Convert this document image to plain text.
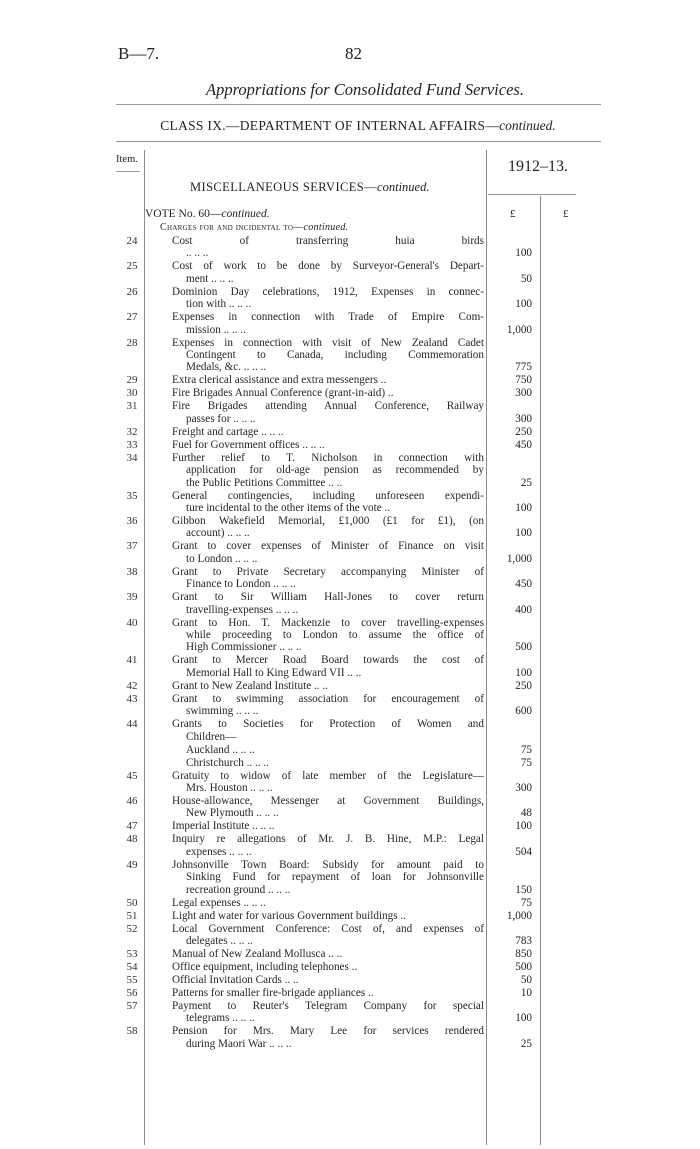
B—7.	82
Appropriations for Consolidated Fund Services.
CLASS IX.—DEPARTMENT OF INTERNAL AFFAIRS—continued.
Item.	1912–13.
£	£
MISCELLANEOUS SERVICES—continued.
VOTE No. 60—continued.
Charges for and incidental to—continued.
24	Cost of transferring huia birds
.. .. ..	100
25	Cost of work to be done by Surveyor-General's Depart-
ment .. .. ..	50
26	Dominion Day celebrations, 1912, Expenses in connec-
tion with .. .. ..	100
27	Expenses in connection with Trade of Empire Com-
mission .. .. ..	1,000
28	Expenses in connection with visit of New Zealand Cadet
Contingent to Canada, including Commemoration
Medals, &c. .. .. ..	775
29	Extra clerical assistance and extra messengers ..	750
30	Fire Brigades Annual Conference (grant-in-aid) ..	300
31	Fire Brigades attending Annual Conference, Railway
passes for .. .. ..	300
32	Freight and cartage .. .. ..	250
33	Fuel for Government offices .. .. ..	450
34	Further relief to T. Nicholson in connection with
application for old-age pension as recommended by
the Public Petitions Committee .. ..	25
35	General contingencies, including unforeseen expendi-
ture incidental to the other items of the vote ..	100
36	Gibbon Wakefield Memorial, £1,000 (£1 for £1), (on
account) .. .. ..	100
37	Grant to cover expenses of Minister of Finance on visit
to London .. .. ..	1,000
38	Grant to Private Secretary accompanying Minister of
Finance to London .. .. ..	450
39	Grant to Sir William Hall-Jones to cover return
travelling-expenses .. .. ..	400
40	Grant to Hon. T. Mackenzie to cover travelling-expenses
while proceeding to London to assume the office of
High Commissioner .. .. ..	500
41	Grant to Mercer Road Board towards the cost of
Memorial Hall to King Edward VII .. ..	100
42	Grant to New Zealand Institute .. ..	250
43	Grant to swimming association for encouragement of
swimming .. .. ..	600
44	Grants to Societies for Protection of Women and
Children—
Auckland .. .. ..	75
Christchurch .. .. ..	75
45	Gratuity to widow of late member of the Legislature—
Mrs. Houston .. .. ..	300
46	House-allowance, Messenger at Government Buildings,
New Plymouth .. .. ..	48
47	Imperial Institute .. .. ..	100
48	Inquiry re allegations of Mr. J. B. Hine, M.P.: Legal
expenses .. .. ..	504
49	Johnsonville Town Board: Subsidy for amount paid to
Sinking Fund for repayment of loan for Johnsonville
recreation ground .. .. ..	150
50	Legal expenses .. .. ..	75
51	Light and water for various Government buildings ..	1,000
52	Local Government Conference: Cost of, and expenses of
delegates .. .. ..	783
53	Manual of New Zealand Mollusca .. ..	850
54	Office equipment, including telephones ..	500
55	Official Invitation Cards .. ..	50
56	Patterns for smaller fire-brigade appliances ..	10
57	Payment to Reuter's Telegram Company for special
telegrams .. .. ..	100
58	Pension for Mrs. Mary Lee for services rendered
during Maori War .. .. ..	25
